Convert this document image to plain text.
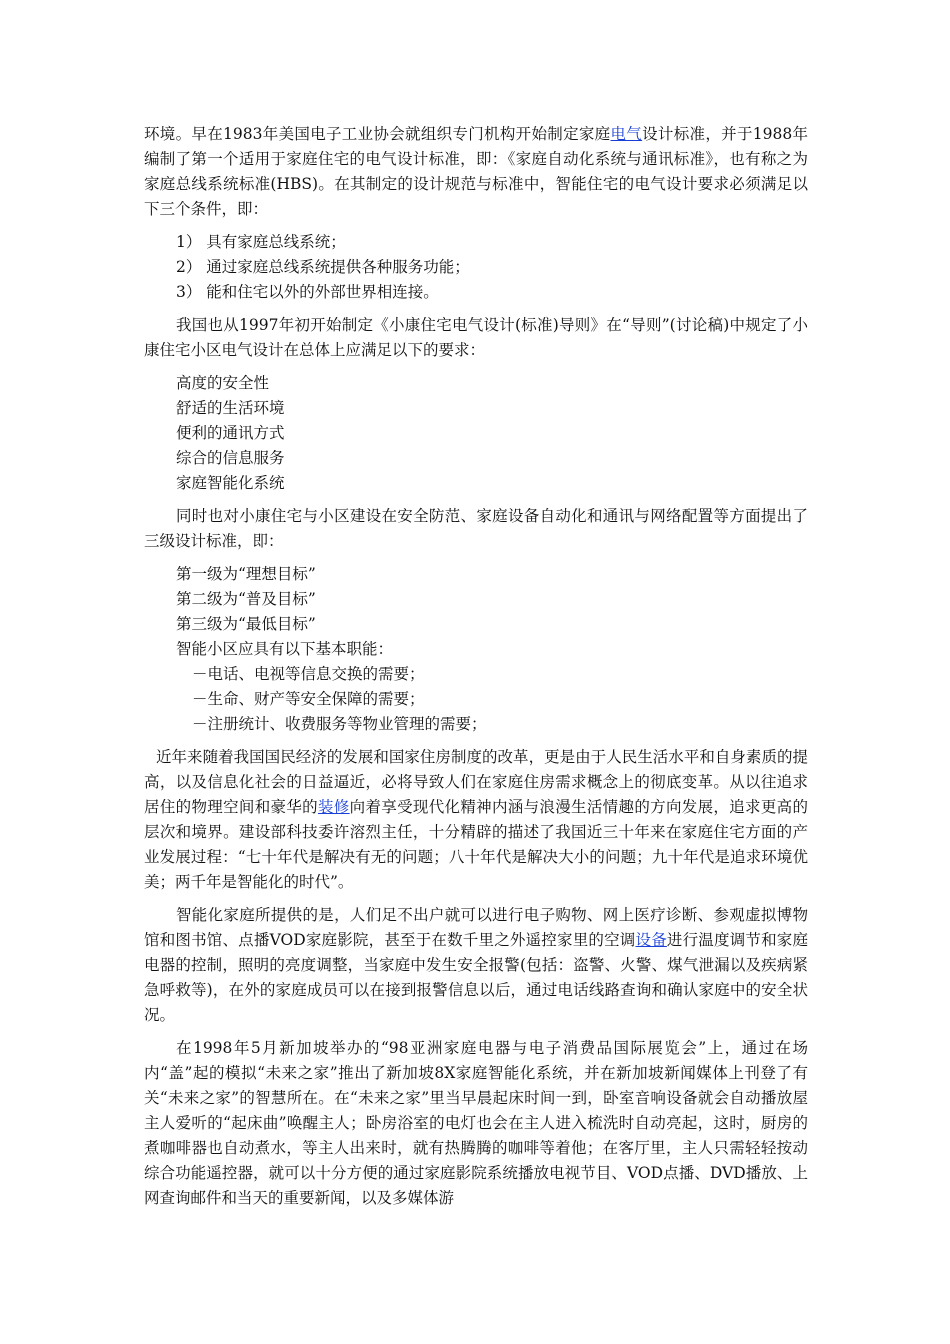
环境。早在1983年美国电子工业协会就组织专门机构开始制定家庭电气设计标准，并于1988年编制了第一个适用于家庭住宅的电气设计标准，即：《家庭自动化系统与通讯标准》，也有称之为家庭总线系统标准(HBS)。在其制定的设计规范与标准中，智能住宅的电气设计要求必须满足以下三个条件，即：

1） 具有家庭总线系统；

2） 通过家庭总线系统提供各种服务功能；

3） 能和住宅以外的外部世界相连接。

我国也从1997年初开始制定《小康住宅电气设计(标准)导则》在“导则”(讨论稿)中规定了小康住宅小区电气设计在总体上应满足以下的要求：

高度的安全性

舒适的生活环境

便利的通讯方式

综合的信息服务

家庭智能化系统

同时也对小康住宅与小区建设在安全防范、家庭设备自动化和通讯与网络配置等方面提出了三级设计标准，即：

第一级为“理想目标”

第二级为“普及目标”

第三级为“最低目标”

智能小区应具有以下基本职能：

－电话、电视等信息交换的需要；

－生命、财产等安全保障的需要；

－注册统计、收费服务等物业管理的需要；

近年来随着我国国民经济的发展和国家住房制度的改革，更是由于人民生活水平和自身素质的提高，以及信息化社会的日益逼近，必将导致人们在家庭住房需求概念上的彻底变革。从以往追求居住的物理空间和豪华的装修向着享受现代化精神内涵与浪漫生活情趣的方向发展，追求更高的层次和境界。建设部科技委许溶烈主任，十分精辟的描述了我国近三十年来在家庭住宅方面的产业发展过程：“七十年代是解决有无的问题；八十年代是解决大小的问题；九十年代是追求环境优美；两千年是智能化的时代”。

智能化家庭所提供的是，人们足不出户就可以进行电子购物、网上医疗诊断、参观虚拟博物馆和图书馆、点播VOD家庭影院，甚至于在数千里之外遥控家里的空调设备进行温度调节和家庭电器的控制，照明的亮度调整，当家庭中发生安全报警(包括：盗警、火警、煤气泄漏以及疾病紧急呼救等)，在外的家庭成员可以在接到报警信息以后，通过电话线路查询和确认家庭中的安全状况。

在1998年5月新加坡举办的“98亚洲家庭电器与电子消费品国际展览会”上，通过在场内“盖”起的模拟“未来之家”推出了新加坡8X家庭智能化系统，并在新加坡新闻媒体上刊登了有关“未来之家”的智慧所在。在“未来之家”里当早晨起床时间一到，卧室音响设备就会自动播放屋主人爱听的“起床曲”唤醒主人；卧房浴室的电灯也会在主人进入梳洗时自动亮起，这时，厨房的煮咖啡器也自动煮水，等主人出来时，就有热腾腾的咖啡等着他；在客厅里，主人只需轻轻按动综合功能遥控器，就可以十分方便的通过家庭影院系统播放电视节目、VOD点播、DVD播放、上网查询邮件和当天的重要新闻，以及多媒体游
